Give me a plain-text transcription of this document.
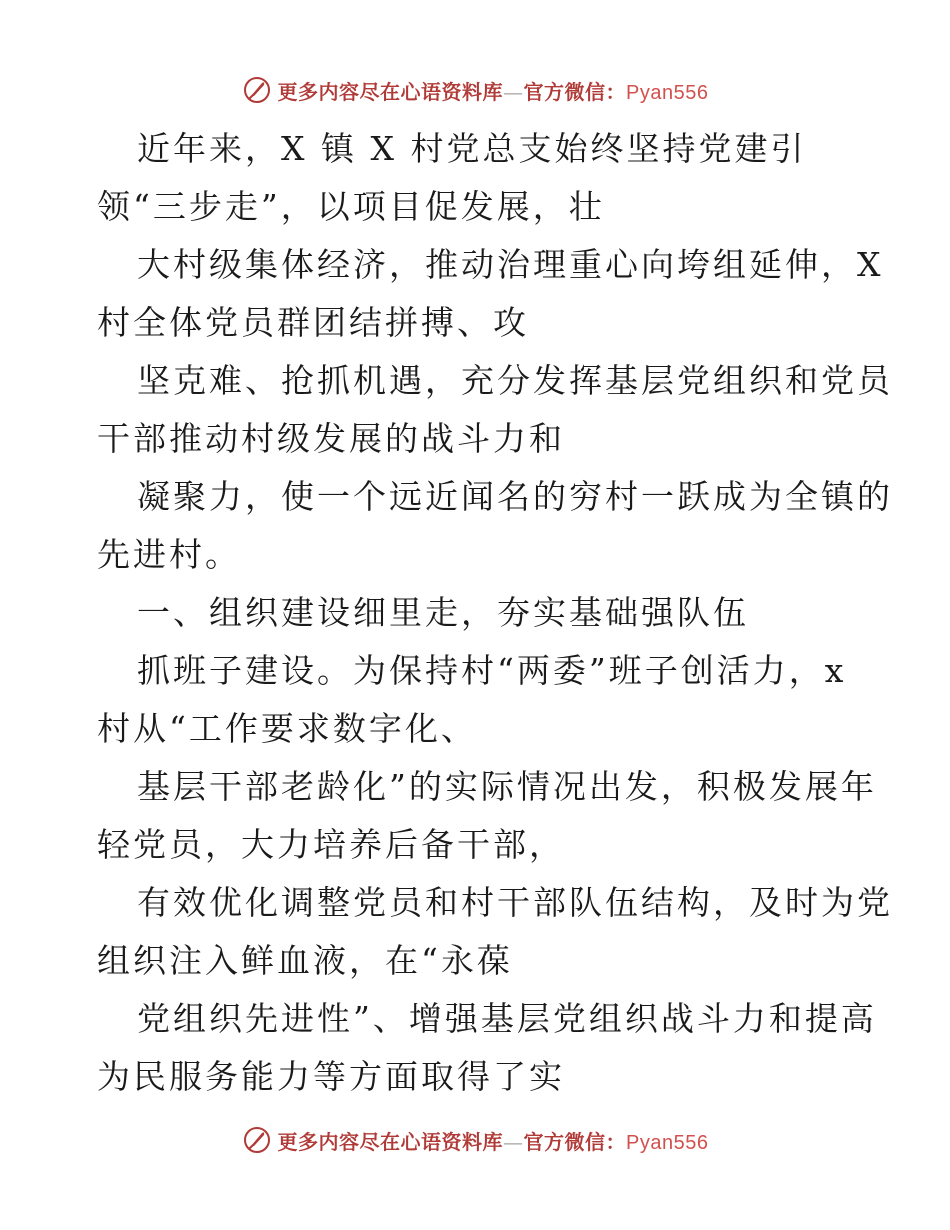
更多内容尽在心语资料库—官方微信：Pyan556
近年来，X 镇 X 村党总支始终坚持党建引
领“三步走”，以项目促发展，壮
大村级集体经济，推动治理重心向垮组延伸，X
村全体党员群团结拼搏、攻
坚克难、抢抓机遇，充分发挥基层党组织和党员
干部推动村级发展的战斗力和
凝聚力，使一个远近闻名的穷村一跃成为全镇的
先进村。
一、组织建设细里走，夯实基础强队伍
抓班子建设。为保持村“两委”班子创活力，x
村从“工作要求数字化、
基层干部老龄化”的实际情况出发，积极发展年
轻党员，大力培养后备干部，
有效优化调整党员和村干部队伍结构，及时为党
组织注入鲜血液，在“永葆
党组织先进性”、增强基层党组织战斗力和提高
为民服务能力等方面取得了实
更多内容尽在心语资料库—官方微信：Pyan556
